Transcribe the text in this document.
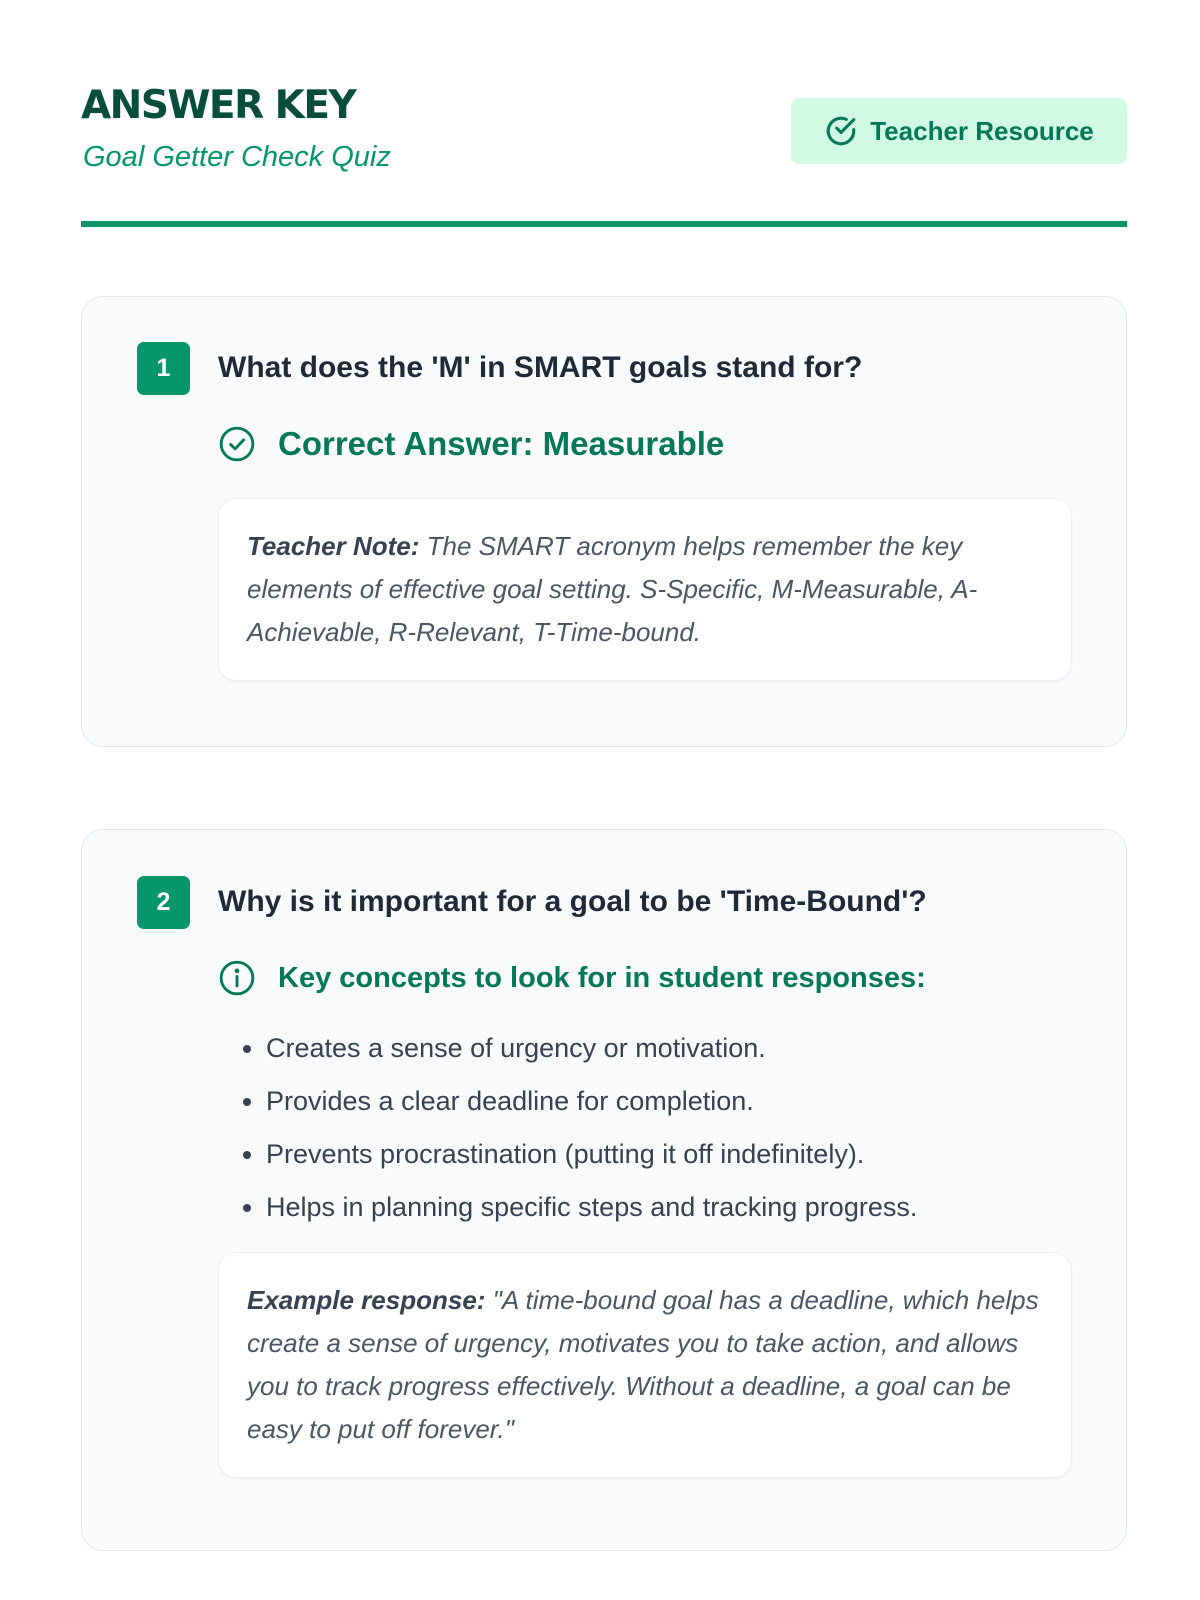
ANSWER KEY
Goal Getter Check Quiz
Teacher Resource
1	What does the 'M' in SMART goals stand for?
Correct Answer: Measurable
Teacher Note: The SMART acronym helps remember the key elements of effective goal setting. S-Specific, M-Measurable, A-Achievable, R-Relevant, T-Time-bound.
2	Why is it important for a goal to be 'Time-Bound'?
Key concepts to look for in student responses:
• Creates a sense of urgency or motivation.
• Provides a clear deadline for completion.
• Prevents procrastination (putting it off indefinitely).
• Helps in planning specific steps and tracking progress.
Example response: "A time-bound goal has a deadline, which helps create a sense of urgency, motivates you to take action, and allows you to track progress effectively. Without a deadline, a goal can be easy to put off forever."
